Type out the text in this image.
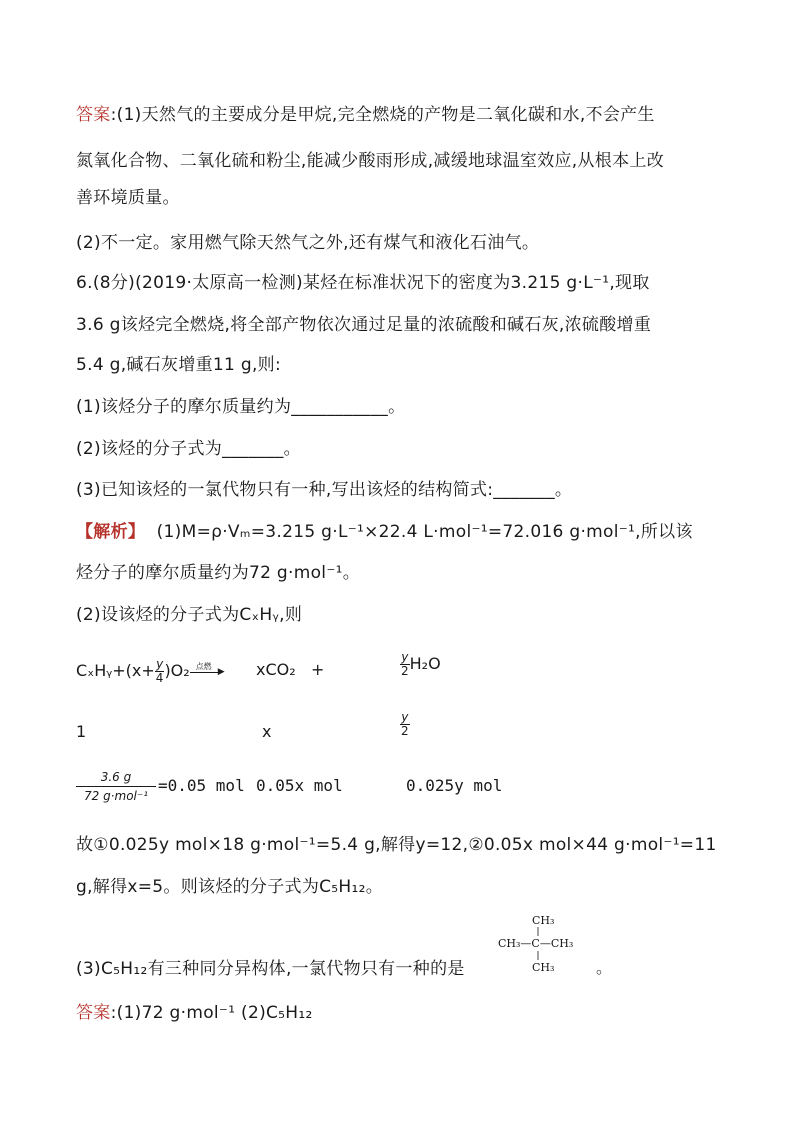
答案:(1)天然气的主要成分是甲烷,完全燃烧的产物是二氧化碳和水,不会产生
氮氧化合物、二氧化硫和粉尘,能减少酸雨形成,减缓地球温室效应,从根本上改
善环境质量。
(2)不一定。家用燃气除天然气之外,还有煤气和液化石油气。
6.(8分)(2019·太原高一检测)某烃在标准状况下的密度为3.215 g·L⁻¹,现取
3.6 g该烃完全燃烧,将全部产物依次通过足量的浓硫酸和碱石灰,浓硫酸增重
5.4 g,碱石灰增重11 g,则:
(1)该烃分子的摩尔质量约为___________。
(2)该烃的分子式为_______。
(3)已知该烃的一氯代物只有一种,写出该烃的结构简式:_______。
【解析】 (1)M=ρ·Vₘ=3.215 g·L⁻¹×22.4 L·mol⁻¹=72.016 g·mol⁻¹,所以该
烃分子的摩尔质量约为72 g·mol⁻¹。
(2)设该烃的分子式为CₓHᵧ,则
CₓHᵧ+(x+ $\frac{y}{4} )O_2$ 点燃
▶ xCO₂ +	$\frac{y}{2} H_2O$
1	x	$\frac{y}{2}$
3.6 g
72 g·mol⁻¹
=0.05 mol 0.05x mol	0.025y mol
故①0.025y mol×18 g·mol⁻¹=5.4 g,解得y=12,②0.05x mol×44 g·mol⁻¹=11
g,解得x=5。则该烃的分子式为C₅H₁₂。
(3)C₅H₁₂有三种同分异构体,一氯代物只有一种的是
CH₃
CH₃—C—CH₃
CH₃	。
答案:(1)72 g·mol⁻¹ (2)C₅H₁₂
